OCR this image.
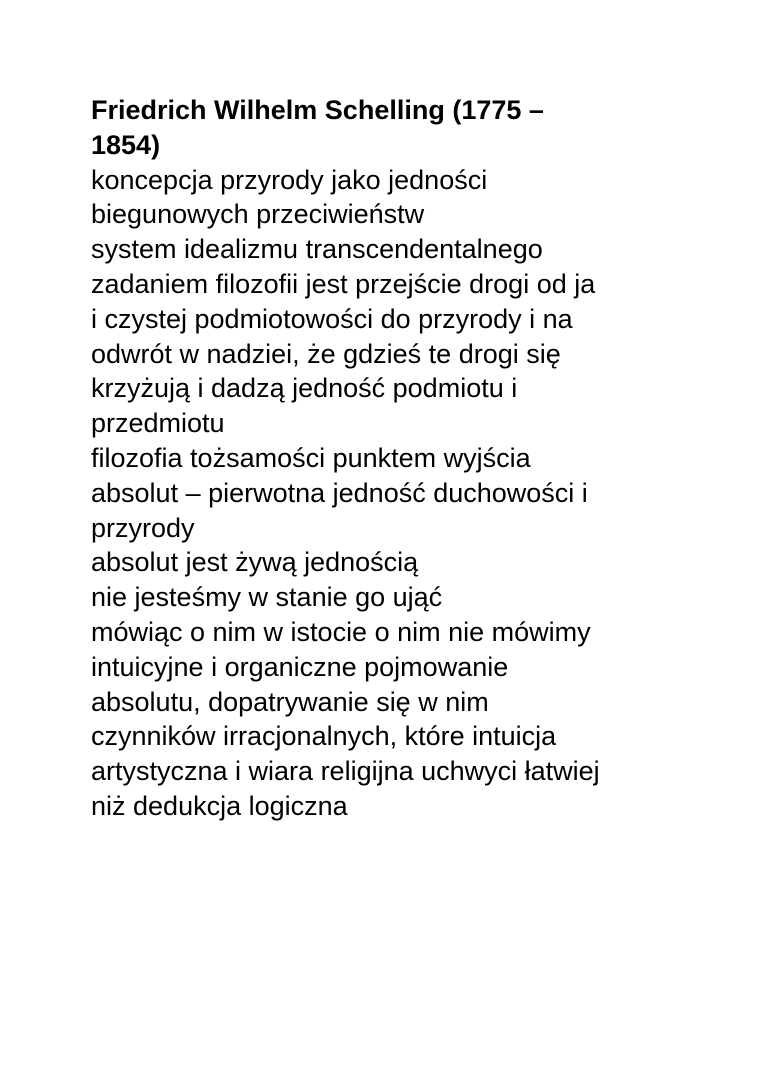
Friedrich Wilhelm Schelling (1775 –
1854)
koncepcja przyrody jako jedności
biegunowych przeciwieństw
system idealizmu transcendentalnego
zadaniem filozofii jest przejście drogi od ja
i czystej podmiotowości do przyrody i na
odwrót w nadziei, że gdzieś te drogi się
krzyżują i dadzą jedność podmiotu i
przedmiotu
filozofia tożsamości punktem wyjścia
absolut – pierwotna jedność duchowości i
przyrody
absolut jest żywą jednością
nie jesteśmy w stanie go ująć
mówiąc o nim w istocie o nim nie mówimy
intuicyjne i organiczne pojmowanie
absolutu, dopatrywanie się w nim
czynników irracjonalnych, które intuicja
artystyczna i wiara religijna uchwyci łatwiej
niż dedukcja logiczna
